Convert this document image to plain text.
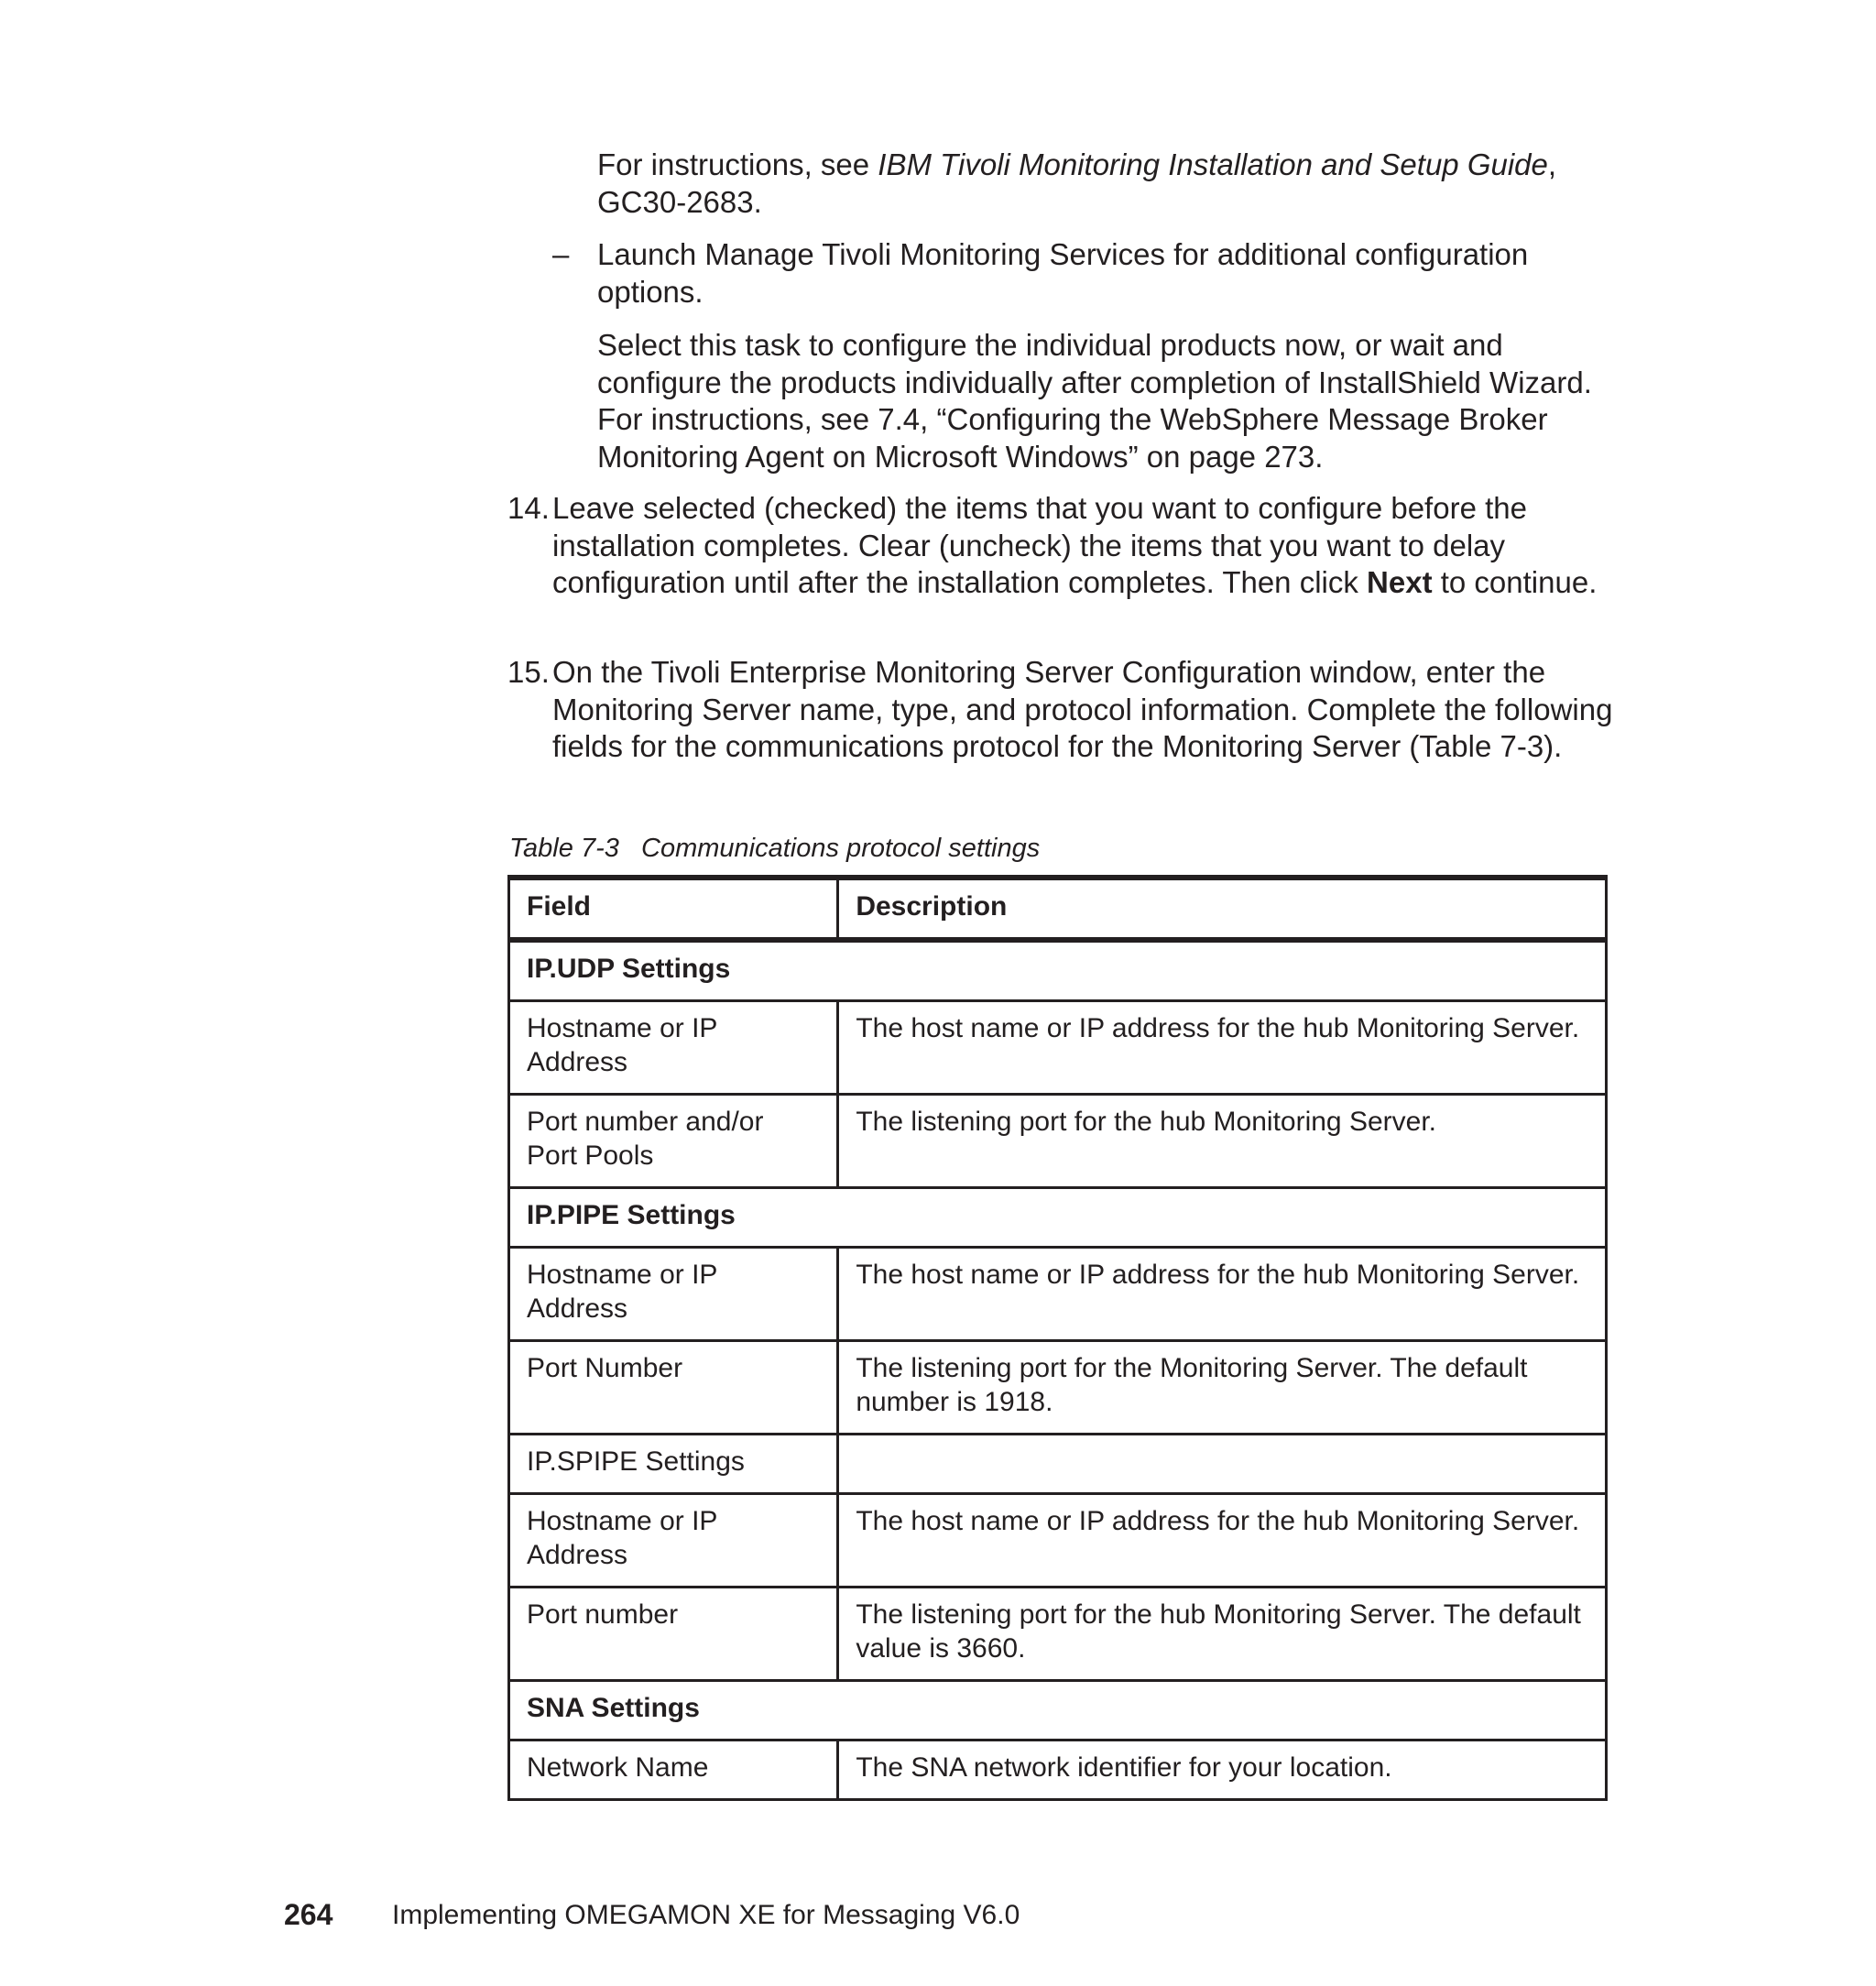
For instructions, see IBM Tivoli Monitoring Installation and Setup Guide, GC30-2683.

– Launch Manage Tivoli Monitoring Services for additional configuration options.

Select this task to configure the individual products now, or wait and configure the products individually after completion of InstallShield Wizard. For instructions, see 7.4, “Configuring the WebSphere Message Broker Monitoring Agent on Microsoft Windows” on page 273.

14. Leave selected (checked) the items that you want to configure before the installation completes. Clear (uncheck) the items that you want to delay configuration until after the installation completes. Then click Next to continue.

15. On the Tivoli Enterprise Monitoring Server Configuration window, enter the Monitoring Server name, type, and protocol information. Complete the following fields for the communications protocol for the Monitoring Server (Table 7-3).

Table 7-3 Communications protocol settings
Field	Description
IP.UDP Settings	
Hostname or IP Address	The host name or IP address for the hub Monitoring Server.
Port number and/or Port Pools	The listening port for the hub Monitoring Server.
IP.PIPE Settings	
Hostname or IP Address	The host name or IP address for the hub Monitoring Server.
Port Number	The listening port for the Monitoring Server. The default number is 1918.
IP.SPIPE Settings	
Hostname or IP Address	The host name or IP address for the hub Monitoring Server.
Port number	The listening port for the hub Monitoring Server. The default value is 3660.
SNA Settings	
Network Name	The SNA network identifier for your location.
264 Implementing OMEGAMON XE for Messaging V6.0
